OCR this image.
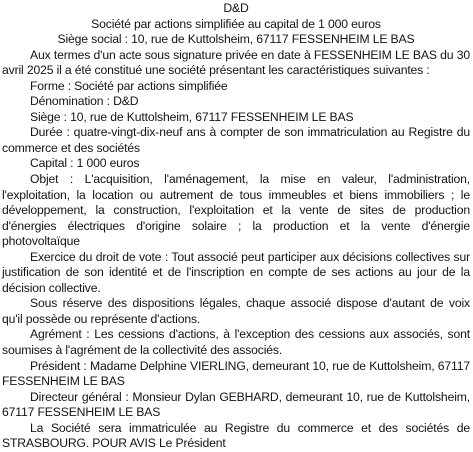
D&D
Société par actions simplifiée au capital de 1 000 euros
Siège social : 10, rue de Kuttolsheim, 67117 FESSENHEIM LE BAS

Aux termes d'un acte sous signature privée en date à FESSENHEIM LE BAS du 30 avril 2025 il a été constitué une société présentant les caractéristiques suivantes :

Forme : Société par actions simplifiée

Dénomination : D&D

Siège : 10, rue de Kuttolsheim, 67117 FESSENHEIM LE BAS

Durée : quatre-vingt-dix-neuf ans à compter de son immatriculation au Registre du commerce et des sociétés

Capital : 1 000 euros

Objet : L'acquisition, l'aménagement, la mise en valeur, l'administration, l'exploitation, la location ou autrement de tous immeubles et biens immobiliers ; le développement, la construction, l'exploitation et la vente de sites de production d'énergies électriques d'origine solaire ; la production et la vente d'énergie photovoltaïque

Exercice du droit de vote : Tout associé peut participer aux décisions collectives sur justification de son identité et de l'inscription en compte de ses actions au jour de la décision collective.

Sous réserve des dispositions légales, chaque associé dispose d'autant de voix qu'il possède ou représente d'actions.

Agrément : Les cessions d'actions, à l'exception des cessions aux associés, sont soumises à l'agrément de la collectivité des associés.

Président : Madame Delphine VIERLING, demeurant 10, rue de Kuttolsheim, 67117 FESSENHEIM LE BAS

Directeur général : Monsieur Dylan GEBHARD, demeurant 10, rue de Kuttolsheim, 67117 FESSENHEIM LE BAS

La Société sera immatriculée au Registre du commerce et des sociétés de STRASBOURG. POUR AVIS Le Président
